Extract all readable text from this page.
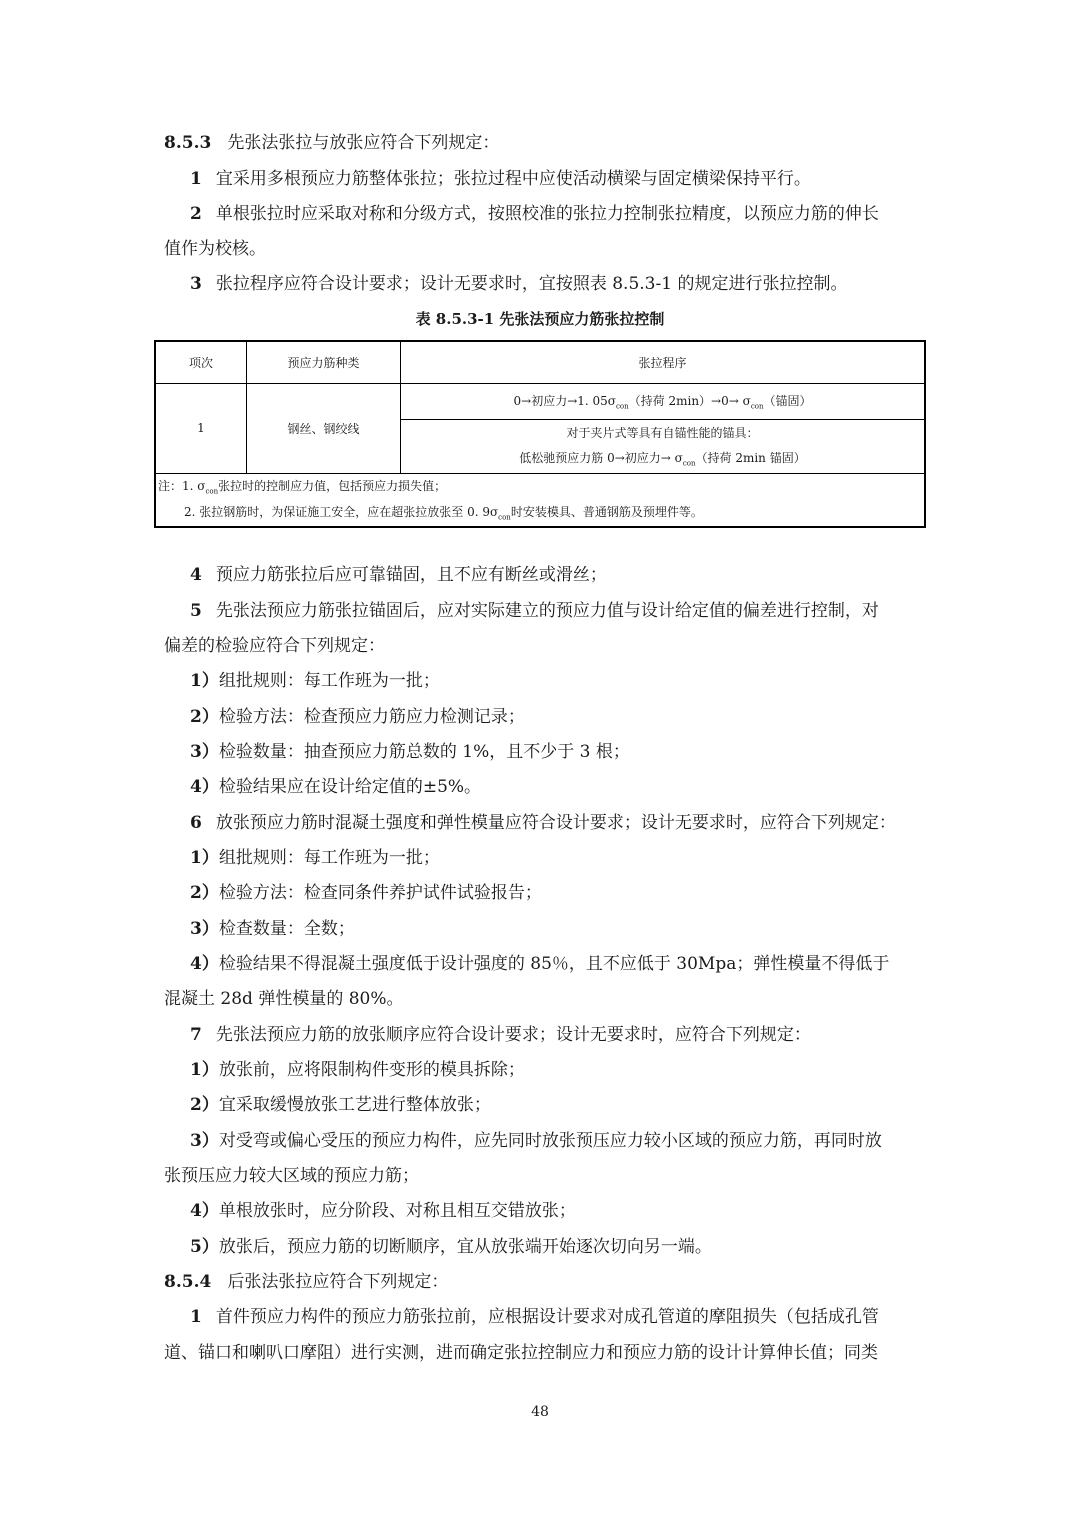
8.5.3 先张法张拉与放张应符合下列规定：
1 宜采用多根预应力筋整体张拉；张拉过程中应使活动横梁与固定横梁保持平行。
2 单根张拉时应采取对称和分级方式，按照校准的张拉力控制张拉精度，以预应力筋的伸长
值作为校核。
3 张拉程序应符合设计要求；设计无要求时，宜按照表 8.5.3-1 的规定进行张拉控制。
表 8.5.3-1 先张法预应力筋张拉控制
项次	预应力筋种类	张拉程序
1	钢丝、钢绞线	0→初应力→1. $05\sigma_{con}$（持荷 $2\min)\to 0\to \sigma_{con}$（锚固）

		对于夹片式等具有自锚性能的锚具：
低松驰预应力筋 0→初应力→ $\sigma_{con}$（持荷 2min 锚固）

注：1. $\sigma_{con}$张拉时的控制应力值，包括预应力损失值；		
2. 张拉钢筋时，为保证施工安全，应在超张拉放张至 0. $9\sigma_{con}$时安装模具、普通钢筋及预埋件等。		
4 预应力筋张拉后应可靠锚固，且不应有断丝或滑丝；
5 先张法预应力筋张拉锚固后，应对实际建立的预应力值与设计给定值的偏差进行控制，对
偏差的检验应符合下列规定：
1）组批规则：每工作班为一批；
2）检验方法：检查预应力筋应力检测记录；
3）检验数量：抽查预应力筋总数的 1%，且不少于 3 根；
4）检验结果应在设计给定值的±5%。
6 放张预应力筋时混凝土强度和弹性模量应符合设计要求；设计无要求时，应符合下列规定：
1）组批规则：每工作班为一批；
2）检验方法：检查同条件养护试件试验报告；
3）检查数量：全数；
4）检验结果不得混凝土强度低于设计强度的 85％，且不应低于 30Mpa；弹性模量不得低于
混凝土 28d 弹性模量的 80%。
7 先张法预应力筋的放张顺序应符合设计要求；设计无要求时，应符合下列规定：
1）放张前，应将限制构件变形的模具拆除；
2）宜采取缓慢放张工艺进行整体放张；
3）对受弯或偏心受压的预应力构件，应先同时放张预压应力较小区域的预应力筋，再同时放
张预压应力较大区域的预应力筋；
4）单根放张时，应分阶段、对称且相互交错放张；
5）放张后，预应力筋的切断顺序，宜从放张端开始逐次切向另一端。
8.5.4 后张法张拉应符合下列规定：
1 首件预应力构件的预应力筋张拉前，应根据设计要求对成孔管道的摩阻损失（包括成孔管
道、锚口和喇叭口摩阻）进行实测，进而确定张拉控制应力和预应力筋的设计计算伸长值；同类
48
